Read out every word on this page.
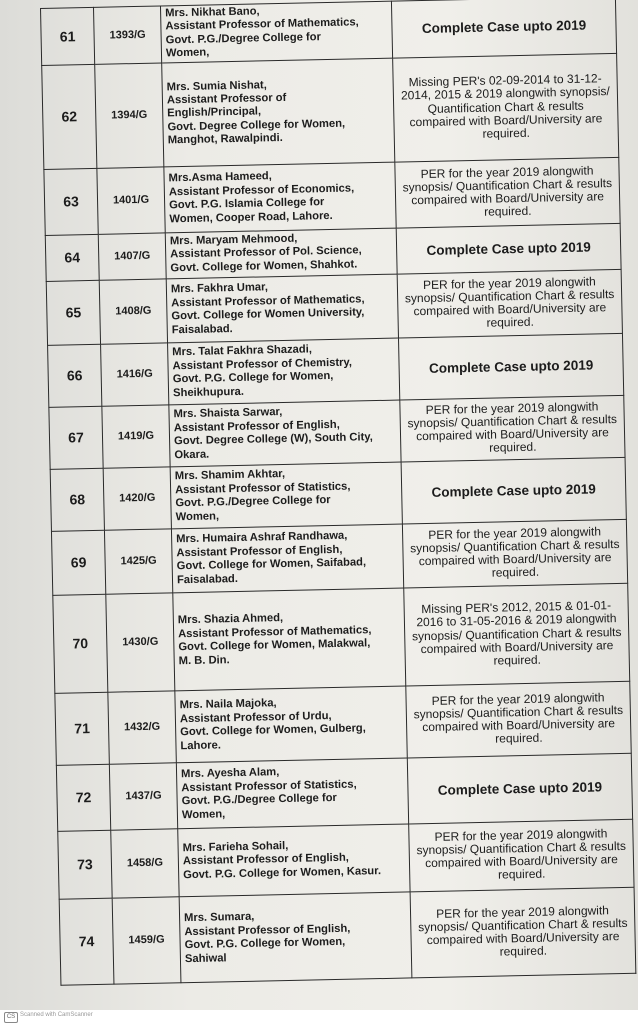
61	1393/G	Mrs. Nikhat Bano,
Assistant Professor of Mathematics,
Govt. P.G./Degree College for
Women,	Complete Case upto 2019
62	1394/G	Mrs. Sumia Nishat,
Assistant Professor of
English/Principal,
Govt. Degree College for Women,
Manghot, Rawalpindi.	Missing PER's 02-09-2014 to 31-12-2014, 2015 & 2019 alongwith synopsis/ Quantification Chart & results compaired with Board/University are required.
63	1401/G	Mrs.Asma Hameed,
Assistant Professor of Economics,
Govt. P.G. Islamia College for
Women, Cooper Road, Lahore.	PER for the year 2019 alongwith synopsis/ Quantification Chart & results compaired with Board/University are required.
64	1407/G	Mrs. Maryam Mehmood,
Assistant Professor of Pol. Science,
Govt. College for Women, Shahkot.	Complete Case upto 2019
65	1408/G	Mrs. Fakhra Umar,
Assistant Professor of Mathematics,
Govt. College for Women University,
Faisalabad.	PER for the year 2019 alongwith synopsis/ Quantification Chart & results compaired with Board/University are required.
66	1416/G	Mrs. Talat Fakhra Shazadi,
Assistant Professor of Chemistry,
Govt. P.G. College for Women,
Sheikhupura.	Complete Case upto 2019
67	1419/G	Mrs. Shaista Sarwar,
Assistant Professor of English,
Govt. Degree College (W), South City,
Okara.	PER for the year 2019 alongwith synopsis/ Quantification Chart & results compaired with Board/University are required.
68	1420/G	Mrs. Shamim Akhtar,
Assistant Professor of Statistics,
Govt. P.G./Degree College for
Women,	Complete Case upto 2019
69	1425/G	Mrs. Humaira Ashraf Randhawa,
Assistant Professor of English,
Govt. College for Women, Saifabad,
Faisalabad.	PER for the year 2019 alongwith synopsis/ Quantification Chart & results compaired with Board/University are required.
70	1430/G	Mrs. Shazia Ahmed,
Assistant Professor of Mathematics,
Govt. College for Women, Malakwal,
M. B. Din.	Missing PER's 2012, 2015 & 01-01-2016 to 31-05-2016 & 2019 alongwith synopsis/ Quantification Chart & results compaired with Board/University are required.
71	1432/G	Mrs. Naila Majoka,
Assistant Professor of Urdu,
Govt. College for Women, Gulberg,
Lahore.	PER for the year 2019 alongwith synopsis/ Quantification Chart & results compaired with Board/University are required.
72	1437/G	Mrs. Ayesha Alam,
Assistant Professor of Statistics,
Govt. P.G./Degree College for
Women,	Complete Case upto 2019
73	1458/G	Mrs. Farieha Sohail,
Assistant Professor of English,
Govt. P.G. College for Women, Kasur.	PER for the year 2019 alongwith synopsis/ Quantification Chart & results compaired with Board/University are required.
74	1459/G	Mrs. Sumara,
Assistant Professor of English,
Govt. P.G. College for Women,
Sahiwal	PER for the year 2019 alongwith synopsis/ Quantification Chart & results compaired with Board/University are required.
CS Scanned with CamScanner
